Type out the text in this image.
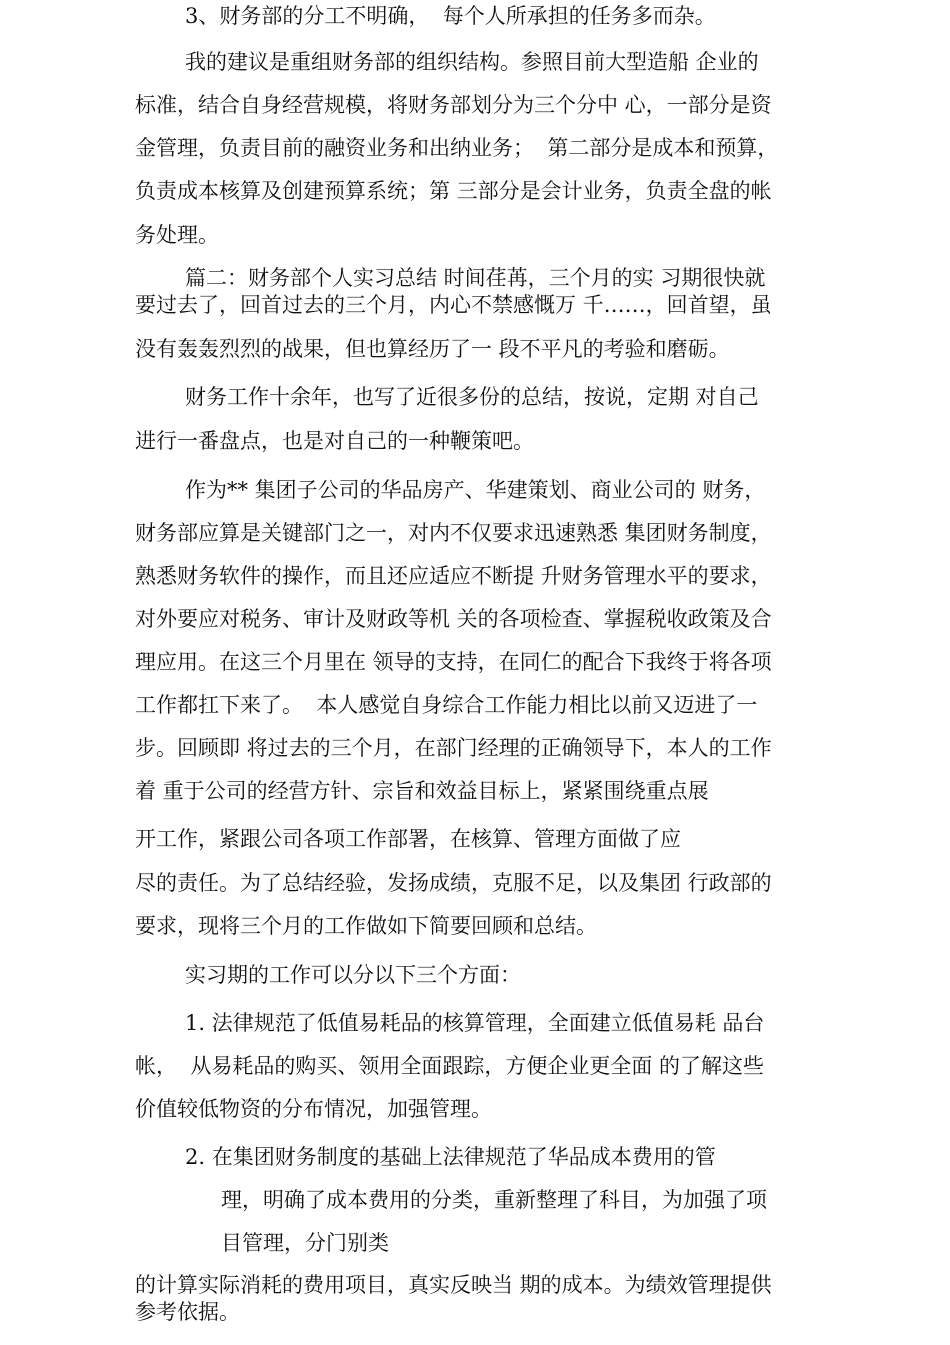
3、财务部的分工不明确，  每个人所承担的任务多而杂。

我的建议是重组财务部的组织结构。参照目前大型造船 企业的

标准，结合自身经营规模，将财务部划分为三个分中 心，一部分是资

金管理，负责目前的融资业务和出纳业务；  第二部分是成本和预算，

负责成本核算及创建预算系统；第 三部分是会计业务，负责全盘的帐

务处理。

篇二：财务部个人实习总结 时间荏苒，三个月的实 习期很快就

要过去了，回首过去的三个月，内心不禁感慨万 千……，回首望，虽

没有轰轰烈烈的战果，但也算经历了一 段不平凡的考验和磨砺。

财务工作十余年，也写了近很多份的总结，按说，定期 对自己

进行一番盘点，也是对自己的一种鞭策吧。

作为** 集团子公司的华品房产、华建策划、商业公司的 财务，

财务部应算是关键部门之一，对内不仅要求迅速熟悉 集团财务制度，

熟悉财务软件的操作，而且还应适应不断提 升财务管理水平的要求，

对外要应对税务、审计及财政等机 关的各项检查、掌握税收政策及合

理应用。在这三个月里在 领导的支持，在同仁的配合下我终于将各项

工作都扛下来了。  本人感觉自身综合工作能力相比以前又迈进了一

步。回顾即 将过去的三个月，在部门经理的正确领导下，本人的工作

着 重于公司的经营方针、宗旨和效益目标上，紧紧围绕重点展

开工作，紧跟公司各项工作部署，在核算、管理方面做了应

尽的责任。为了总结经验，发扬成绩，克服不足，以及集团 行政部的

要求，现将三个月的工作做如下简要回顾和总结。

实习期的工作可以分以下三个方面：

1. 法律规范了低值易耗品的核算管理，全面建立低值易耗 品台

帐，  从易耗品的购买、领用全面跟踪，方便企业更全面 的了解这些

价值较低物资的分布情况，加强管理。

2. 在集团财务制度的基础上法律规范了华品成本费用的管

理，明确了成本费用的分类，重新整理了科目，为加强了项

目管理，分门别类

的计算实际消耗的费用项目，真实反映当 期的成本。为绩效管理提供

参考依据。
